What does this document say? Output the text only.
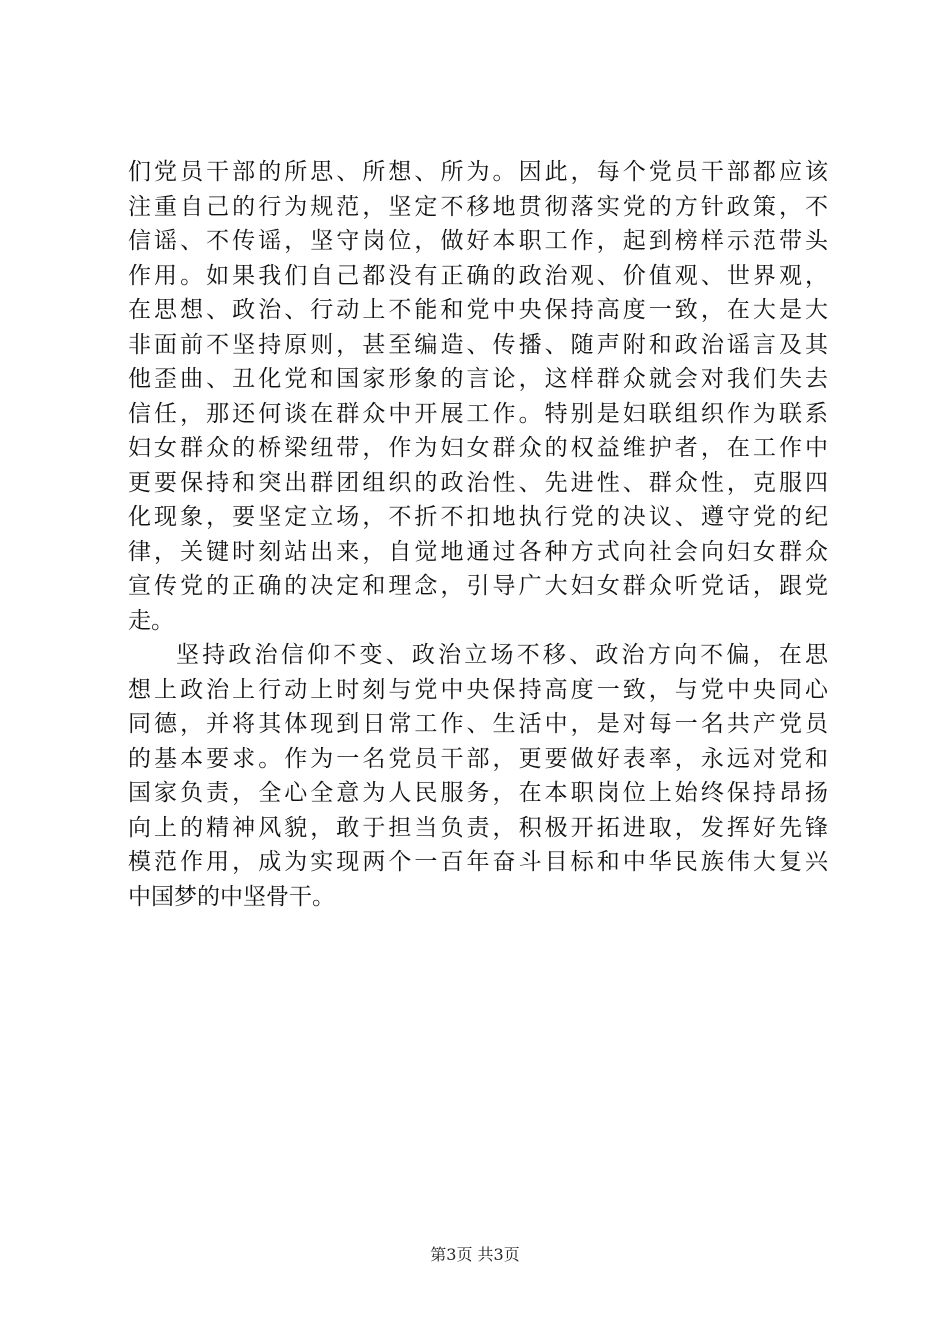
们党员干部的所思、所想、所为。因此，每个党员干部都应该
注重自己的行为规范，坚定不移地贯彻落实党的方针政策，不
信谣、不传谣，坚守岗位，做好本职工作，起到榜样示范带头
作用。如果我们自己都没有正确的政治观、价值观、世界观，
在思想、政治、行动上不能和党中央保持高度一致，在大是大
非面前不坚持原则，甚至编造、传播、随声附和政治谣言及其
他歪曲、丑化党和国家形象的言论，这样群众就会对我们失去
信任，那还何谈在群众中开展工作。特别是妇联组织作为联系
妇女群众的桥梁纽带，作为妇女群众的权益维护者，在工作中
更要保持和突出群团组织的政治性、先进性、群众性，克服四
化现象，要坚定立场，不折不扣地执行党的决议、遵守党的纪
律，关键时刻站出来，自觉地通过各种方式向社会向妇女群众
宣传党的正确的决定和理念，引导广大妇女群众听党话，跟党
走。
坚持政治信仰不变、政治立场不移、政治方向不偏，在思
想上政治上行动上时刻与党中央保持高度一致，与党中央同心
同德，并将其体现到日常工作、生活中，是对每一名共产党员
的基本要求。作为一名党员干部，更要做好表率，永远对党和
国家负责，全心全意为人民服务，在本职岗位上始终保持昂扬
向上的精神风貌，敢于担当负责，积极开拓进取，发挥好先锋
模范作用，成为实现两个一百年奋斗目标和中华民族伟大复兴
中国梦的中坚骨干。
第3页 共3页
